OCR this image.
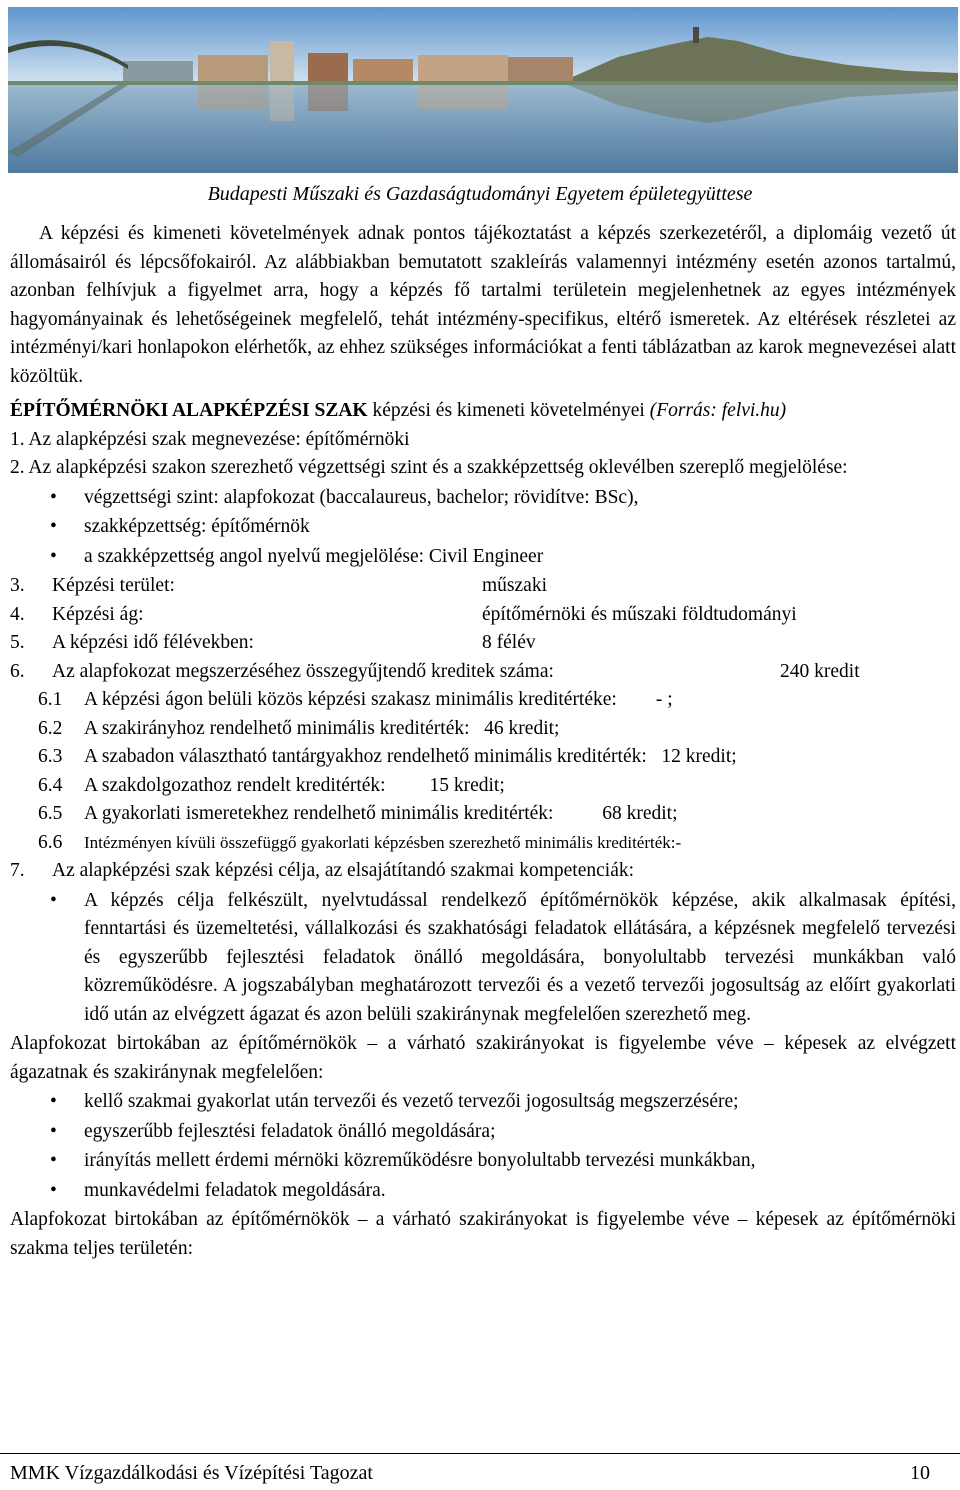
Budapesti Műszaki és Gazdaságtudományi Egyetem épületegyüttese

A képzési és kimeneti követelmények adnak pontos tájékoztatást a képzés szerkezetéről, a diplomáig vezető út állomásairól és lépcsőfokairól. Az alábbiakban bemutatott szakleírás valamennyi intézmény esetén azonos tartalmú, azonban felhívjuk a figyelmet arra, hogy a képzés fő tartalmi területein megjelenhetnek az egyes intézmények hagyományainak és lehetőségeinek megfelelő, tehát intézmény-specifikus, eltérő ismeretek. Az eltérések részletei az intézményi/kari honlapokon elérhetők, az ehhez szükséges információkat a fenti táblázatban az karok megnevezései alatt közöltük.

ÉPÍTŐMÉRNÖKI ALAPKÉPZÉSI SZAK képzési és kimeneti követelményei (Forrás: felvi.hu)

1. Az alapképzési szak megnevezése: építőmérnöki

2. Az alapképzési szakon szerezhető végzettségi szint és a szakképzettség oklevélben szereplő megjelölése:

• végzettségi szint: alapfokozat (baccalaureus, bachelor; rövidítve: BSc),
• szakképzettség: építőmérnök
• a szakképzettség angol nyelvű megjelölése: Civil Engineer
3.	Képzési terület:	műszaki
4.	Képzési ág:	építőmérnöki és műszaki földtudományi
5.	A képzési idő félévekben:	8 félév
6.	Az alapfokozat megszerzéséhez összegyűjtendő kreditek száma:	240 kredit
6.1	A képzési ágon belüli közös képzési szakasz minimális kreditértéke:        - ;
6.2	A szakirányhoz rendelhető minimális kreditérték:   46 kredit;
6.3	A szabadon választható tantárgyakhoz rendelhető minimális kreditérték:   12 kredit;
6.4	A szakdolgozathoz rendelt kreditérték:         15 kredit;
6.5	A gyakorlati ismeretekhez rendelhető minimális kreditérték:          68 kredit;
6.6	Intézményen kívüli összefüggő gyakorlati képzésben szerezhető minimális kreditérték:-
7.	Az alapképzési szak képzési célja, az elsajátítandó szakmai kompetenciák:
• A képzés célja felkészült, nyelvtudással rendelkező építőmérnökök képzése, akik alkalmasak építési, fenntartási és üzemeltetési, vállalkozási és szakhatósági feladatok ellátására, a képzésnek megfelelő tervezési és egyszerűbb fejlesztési feladatok önálló megoldására, bonyolultabb tervezési munkákban való közreműködésre. A jogszabályban meghatározott tervezői és a vezető tervezői jogosultság az előírt gyakorlati idő után az elvégzett ágazat és azon belüli szakiránynak megfelelően szerezhető meg.

Alapfokozat birtokában az építőmérnökök – a várható szakirányokat is figyelembe véve – képesek az elvégzett ágazatnak és szakiránynak megfelelően:

• kellő szakmai gyakorlat után tervezői és vezető tervezői jogosultság megszerzésére;
• egyszerűbb fejlesztési feladatok önálló megoldására;
• irányítás mellett érdemi mérnöki közreműködésre bonyolultabb tervezési munkákban,
• munkavédelmi feladatok megoldására.

Alapfokozat birtokában az építőmérnökök – a várható szakirányokat is figyelembe véve – képesek az építőmérnöki szakma teljes területén:

MMK Vízgazdálkodási és Vízépítési Tagozat	10
